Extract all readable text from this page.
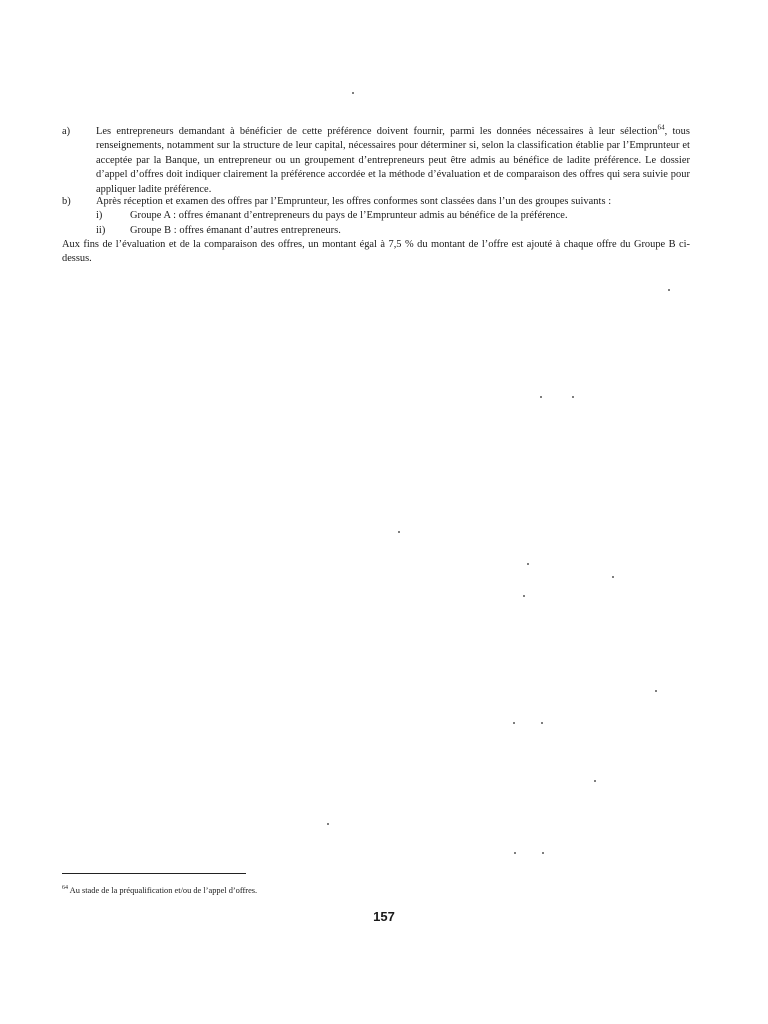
a) Les entrepreneurs demandant à bénéficier de cette préférence doivent fournir, parmi les données nécessaires à leur sélection$^{64}$, tous renseignements, notamment sur la structure de leur capital, nécessaires pour déterminer si, selon la classification établie par l’Emprunteur et acceptée par la Banque, un entrepreneur ou un groupement d’entrepreneurs peut être admis au bénéfice de ladite préférence. Le dossier d’appel d’offres doit indiquer clairement la préférence accordée et la méthode d’évaluation et de comparaison des offres qui sera suivie pour appliquer ladite préférence.
b) Après réception et examen des offres par l’Emprunteur, les offres conformes sont classées dans l’un des groupes suivants :
i)	Groupe A : offres émanant d’entrepreneurs du pays de l’Emprunteur admis au bénéfice de la préférence.
ii) Groupe B : offres émanant d’autres entrepreneurs.
Aux fins de l’évaluation et de la comparaison des offres, un montant égal à 7,5 % du montant de l’offre est ajouté à chaque offre du Groupe B ci-dessus.
$^{64}$ Au stade de la préqualification et/ou de l’appel d’offres.
157
